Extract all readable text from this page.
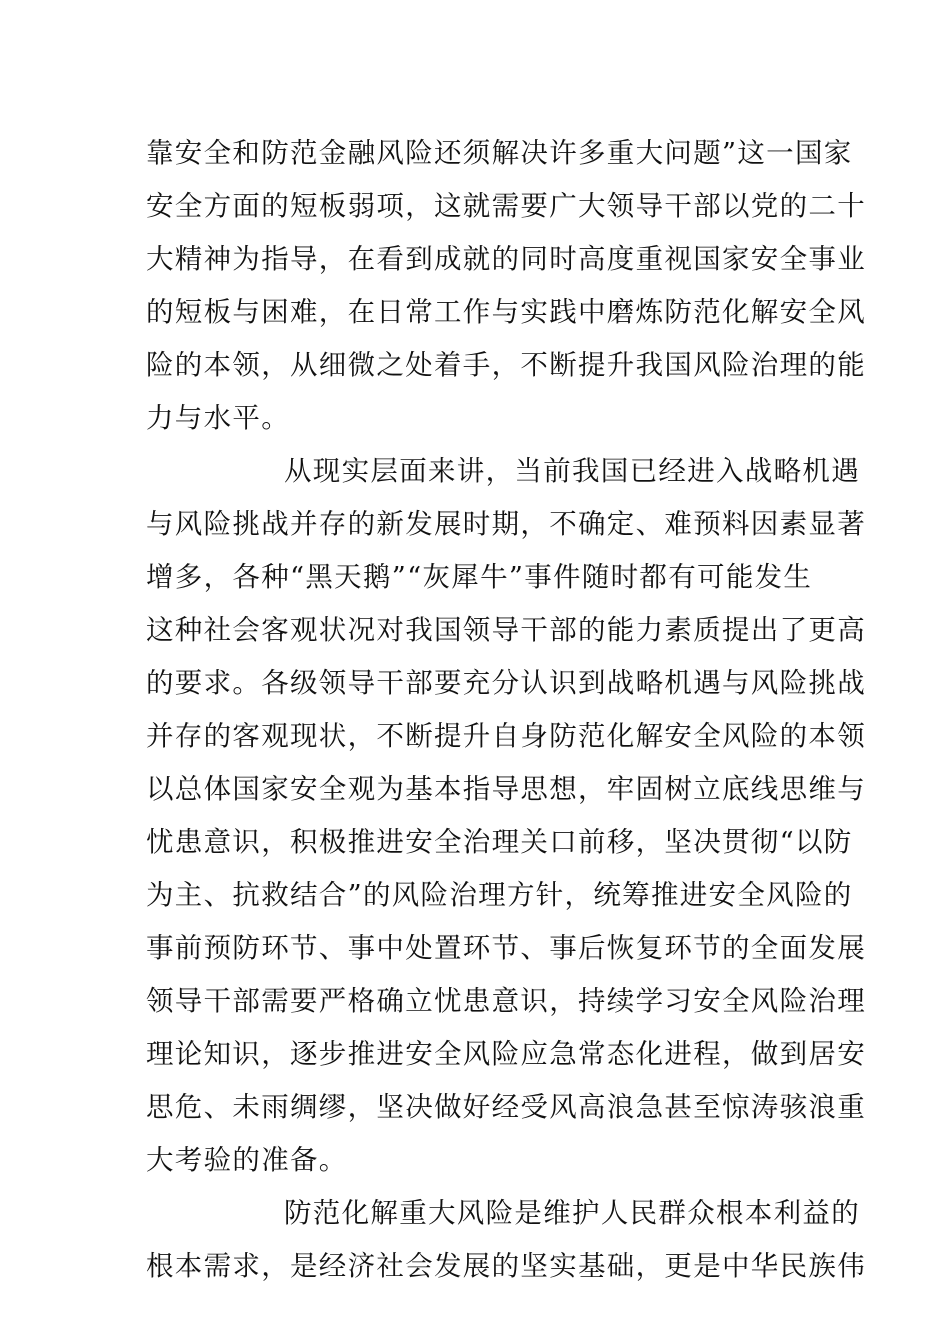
靠安全和防范金融风险还须解决许多重大问题”这一国家
安全方面的短板弱项，这就需要广大领导干部以党的二十
大精神为指导，在看到成就的同时高度重视国家安全事业
的短板与困难，在日常工作与实践中磨炼防范化解安全风
险的本领，从细微之处着手，不断提升我国风险治理的能
力与水平。
从现实层面来讲，当前我国已经进入战略机遇
与风险挑战并存的新发展时期，不确定、难预料因素显著
增多，各种“黑天鹅”“灰犀牛”事件随时都有可能发生
这种社会客观状况对我国领导干部的能力素质提出了更高
的要求。各级领导干部要充分认识到战略机遇与风险挑战
并存的客观现状，不断提升自身防范化解安全风险的本领
以总体国家安全观为基本指导思想，牢固树立底线思维与
忧患意识，积极推进安全治理关口前移，坚决贯彻“以防
为主、抗救结合”的风险治理方针，统筹推进安全风险的
事前预防环节、事中处置环节、事后恢复环节的全面发展
领导干部需要严格确立忧患意识，持续学习安全风险治理
理论知识，逐步推进安全风险应急常态化进程，做到居安
思危、未雨绸缪，坚决做好经受风高浪急甚至惊涛骇浪重
大考验的准备。
防范化解重大风险是维护人民群众根本利益的
根本需求，是经济社会发展的坚实基础，更是中华民族伟
